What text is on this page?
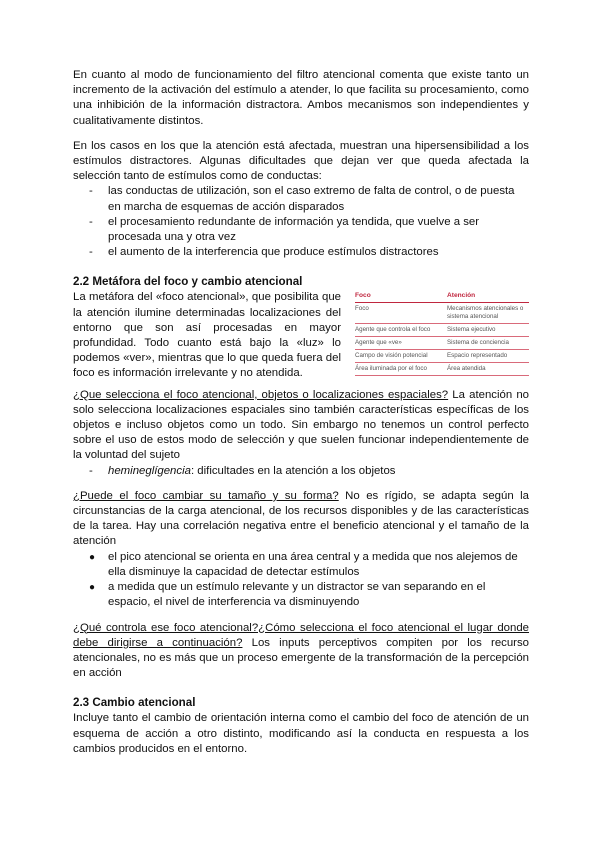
En cuanto al modo de funcionamiento del filtro atencional comenta que existe tanto un incremento de la activación del estímulo a atender, lo que facilita su procesamiento, como una inhibición de la información distractora. Ambos mecanismos son independientes y cualitativamente distintos.

En los casos en los que la atención está afectada, muestran una hipersensibilidad a los estímulos distractores. Algunas dificultades que dejan ver que queda afectada la selección tanto de estímulos como de conductas:

- las conductas de utilización, son el caso extremo de falta de control, o de puesta en marcha de esquemas de acción disparados
- el procesamiento redundante de información ya tendida, que vuelve a ser procesada una y otra vez
- el aumento de la interferencia que produce estímulos distractores
2.2 Metáfora del foco y cambio atencional

La metáfora del «foco atencional», que posibilita que la atención ilumine determinadas localizaciones del entorno que son así procesadas en mayor profundidad. Todo cuanto está bajo la «luz» lo podemos «ver», mientras que lo que queda fuera del foco es información irrelevante y no atendida.

Foco	Atención
Foco	Mecanismos atencionales o sistema atencional
Agente que controla el foco	Sistema ejecutivo
Agente que «ve»	Sistema de conciencia
Campo de visión potencial	Espacio representado
Área iluminada por el foco	Área atendida

¿Que selecciona el foco atencional, objetos o localizaciones espaciales? La atención no solo selecciona localizaciones espaciales sino también características específicas de los objetos e incluso objetos como un todo. Sin embargo no tenemos un control perfecto sobre el uso de estos modo de selección y que suelen funcionar independientemente de la voluntad del sujeto

- hemineglígencia: dificultades en la atención a los objetos

¿Puede el foco cambiar su tamaño y su forma? No es rígido, se adapta según la circunstancias de la carga atencional, de los recursos disponibles y de las características de la tarea. Hay una correlación negativa entre el beneficio atencional y el tamaño de la atención

● el pico atencional se orienta en una área central y a medida que nos alejemos de ella disminuye la capacidad de detectar estímulos
● a medida que un estímulo relevante y un distractor se van separando en el espacio, el nivel de interferencia va disminuyendo

¿Qué controla ese foco atencional?¿Cómo selecciona el foco atencional el lugar donde debe dirigirse a continuación? Los inputs perceptivos compiten por los recurso atencionales, no es más que un proceso emergente de la transformación de la percepción en acción

2.3 Cambio atencional

Incluye tanto el cambio de orientación interna como el cambio del foco de atención de un esquema de acción a otro distinto, modificando así la conducta en respuesta a los cambios producidos en el entorno.
